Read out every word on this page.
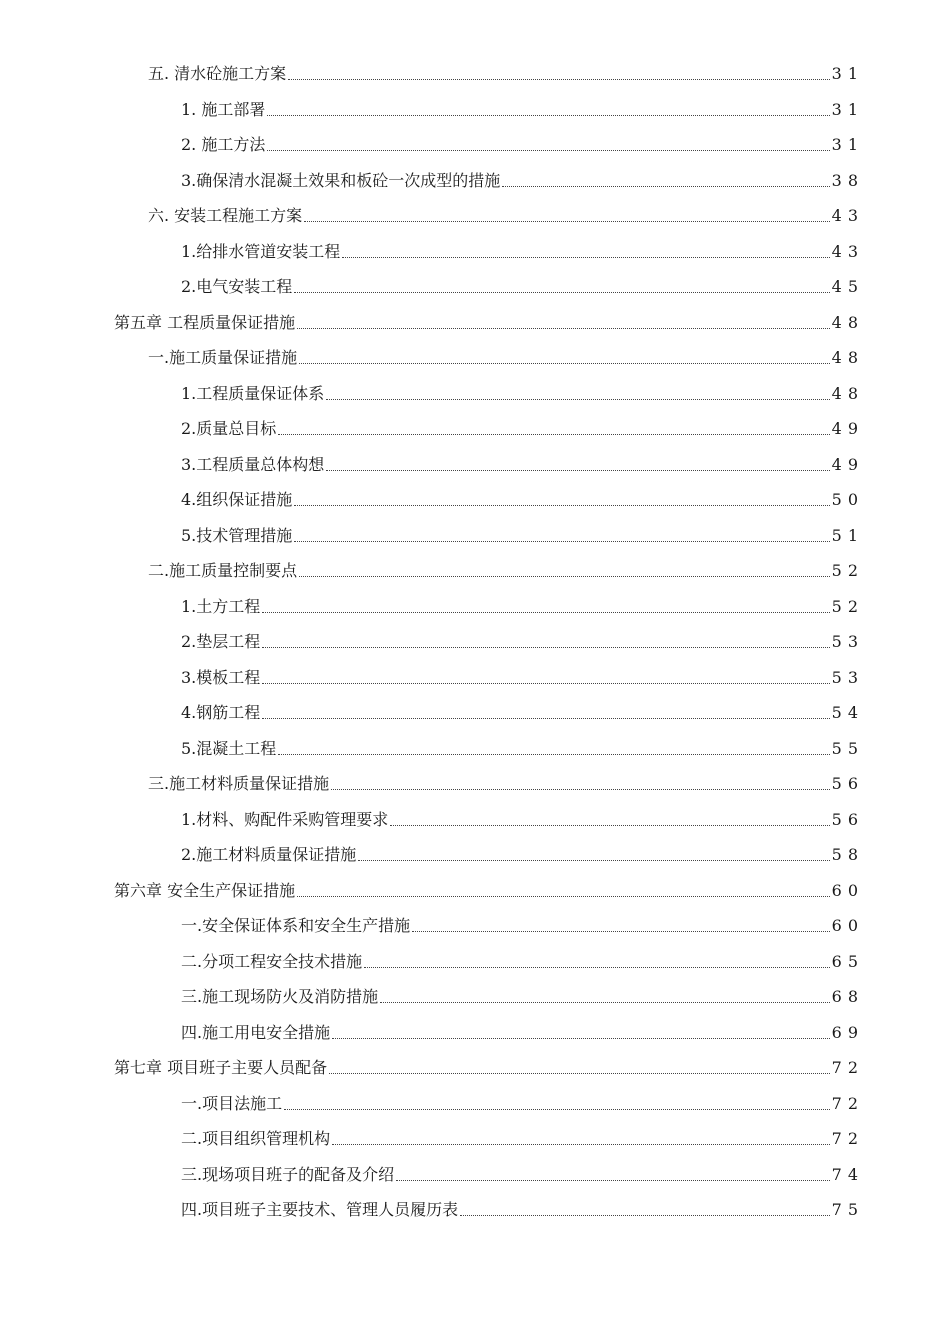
五. 清水砼施工方案	31
1. 施工部署	31
2. 施工方法	31
3.确保清水混凝土效果和板砼一次成型的措施	38
六. 安装工程施工方案	43
1.给排水管道安装工程	43
2.电气安装工程	45
第五章 工程质量保证措施	48
一.施工质量保证措施	48
1.工程质量保证体系	48
2.质量总目标	49
3.工程质量总体构想	49
4.组织保证措施	50
5.技术管理措施	51
二.施工质量控制要点	52
1.土方工程	52
2.垫层工程	53
3.模板工程	53
4.钢筋工程	54
5.混凝土工程	55
三.施工材料质量保证措施	56
1.材料、购配件采购管理要求	56
2.施工材料质量保证措施	58
第六章 安全生产保证措施	60
一.安全保证体系和安全生产措施	60
二.分项工程安全技术措施	65
三.施工现场防火及消防措施	68
四.施工用电安全措施	69
第七章 项目班子主要人员配备	72
一.项目法施工	72
二.项目组织管理机构	72
三.现场项目班子的配备及介绍	74
四.项目班子主要技术、管理人员履历表	75
